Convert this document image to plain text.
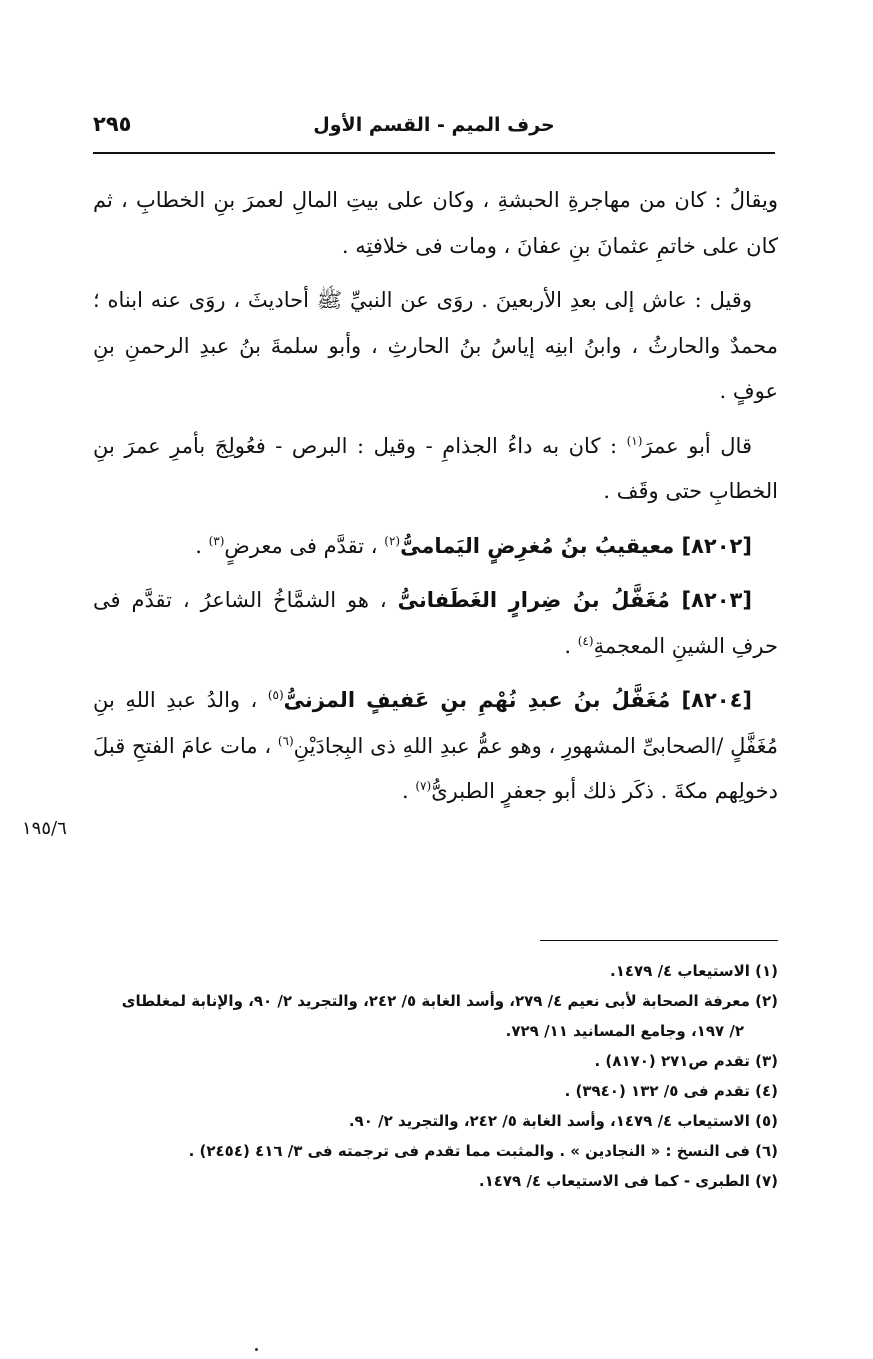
حرف الميم - القسم الأول
٢٩٥

ويقالُ : كان من مهاجرةِ الحبشةِ ، وكان على بيتِ المالِ لعمرَ بنِ الخطابِ ، ثم كان على خاتمِ عثمانَ بنِ عفانَ ، ومات فى خلافتِه .

وقيل : عاش إلى بعدِ الأربعينَ . روَى عن النبيِّ ﷺ أحاديثَ ، روَى عنه ابناه ؛ محمدٌ والحارثُ ، وابنُ ابنِه إياسُ بنُ الحارثِ ، وأبو سلمةَ بنُ عبدِ الرحمنِ بنِ عوفٍ .

قال أبو عمرَ$^{(١)}$ : كان به داءُ الجذامِ - وقيل : البرص - فعُولِجَ بأمرِ عمرَ بنِ الخطابِ حتى وقَف .

[٨٢٠٢] معيقيبُ بنُ مُغرِضٍ اليَمامىُّ$^{(٢)}$ ، تقدَّم فى معرضٍ$^{(٣)}$ .

[٨٢٠٣] مُغَفَّلُ بنُ ضِرارٍ الغَطَفانىُّ ، هو الشمَّاخُ الشاعرُ ، تقدَّم فى حرفِ الشينِ المعجمةِ$^{(٤)}$ .

[٨٢٠٤] مُغَفَّلُ بنُ عبدِ نُهْمِ بنِ عَفيفٍ المزنىُّ$^{(٥)}$ ، والدُ عبدِ اللهِ بنِ مُغَفَّلٍ /الصحابىِّ المشهورِ ، وهو عمُّ عبدِ اللهِ ذى البِجادَيْنِ$^{(٦)}$ ، مات عامَ الفتحِ قبلَ دخولِهم مكةَ . ذكَر ذلك أبو جعفرٍ الطبرىُّ$^{(٧)}$ .

١٩٥/٦

(١) الاستيعاب ٤/ ١٤٧٩.

(٢) معرفة الصحابة لأبى نعيم ٤/ ٢٧٩، وأسد الغابة ٥/ ٢٤٢، والتجريد ٢/ ٩٠، والإنابة لمغلطاى

٢/ ١٩٧، وجامع المسانيد ١١/ ٧٢٩.

(٣) تقدم ص٢٧١ (٨١٧٠) .

(٤) تقدم فى ٥/ ١٣٢ (٣٩٤٠) .

(٥) الاستيعاب ٤/ ١٤٧٩، وأسد الغابة ٥/ ٢٤٢، والتجريد ٢/ ٩٠.

(٦) فى النسخ : « النجادين » . والمثبت مما تقدم فى ترجمته فى ٣/ ٤١٦ (٢٤٥٤) .

(٧) الطبرى - كما فى الاستيعاب ٤/ ١٤٧٩.
